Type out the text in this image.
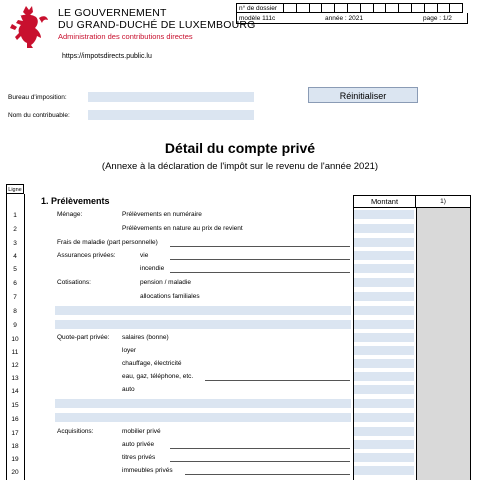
LE GOUVERNEMENT
DU GRAND-DUCHÉ DE LUXEMBOURG
Administration des contributions directes
https://impotsdirects.public.lu
n° de dossier
modèle 111c	année : 2021	page : 1/2
Bureau d'imposition:
Nom du contribuable:
Réinitialiser
Détail du compte privé
(Annexe à la déclaration de l'impôt sur le revenu de l'année 2021)
Ligne
1. Prélèvements	Montant	1)
1	Ménage:	Prélèvements en numéraire
2	Prélèvements en nature au prix de revient
3	Frais de maladie (part personnelle)
4	Assurances privées:	vie
5	incendie
6	Cotisations:	pension / maladie
7	allocations familiales
8
9
10	Quote-part privée: salaires (bonne)
11	loyer
12	chauffage, électricité
13	eau, gaz, téléphone, etc.
14	auto
15
16
17	Acquisitions:	mobilier privé
18	auto privée
19	titres privés
20	immeubles privés
